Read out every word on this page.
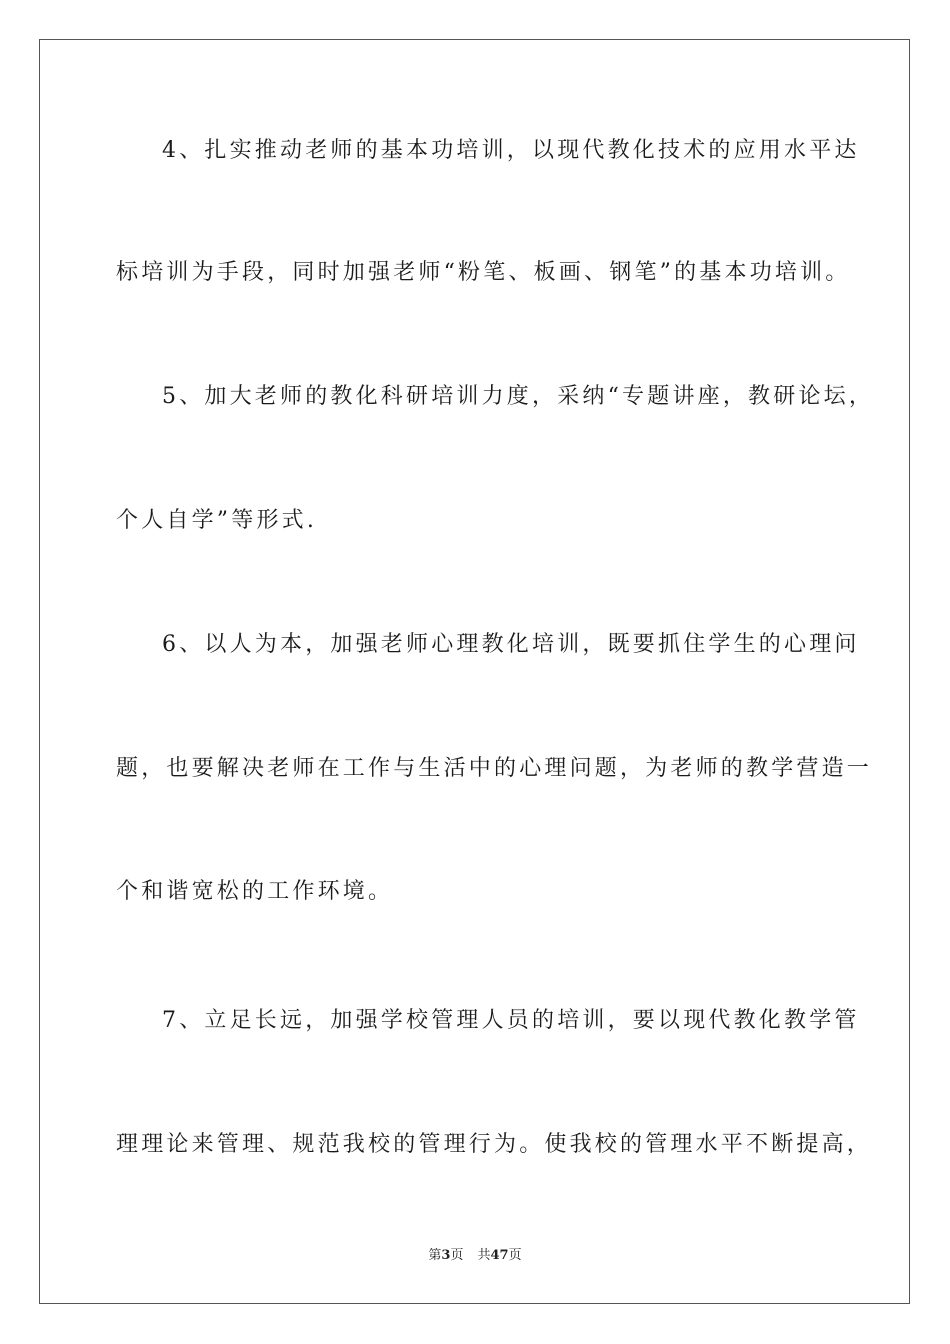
4、扎实推动老师的基本功培训，以现代教化技术的应用水平达
标培训为手段，同时加强老师“粉笔、板画、钢笔”的基本功培训。
5、加大老师的教化科研培训力度，采纳“专题讲座，教研论坛，
个人自学”等形式.
6、以人为本，加强老师心理教化培训，既要抓住学生的心理问
题，也要解决老师在工作与生活中的心理问题，为老师的教学营造一
个和谐宽松的工作环境。
7、立足长远，加强学校管理人员的培训，要以现代教化教学管
理理论来管理、规范我校的管理行为。使我校的管理水平不断提高，
第3页 共47页
